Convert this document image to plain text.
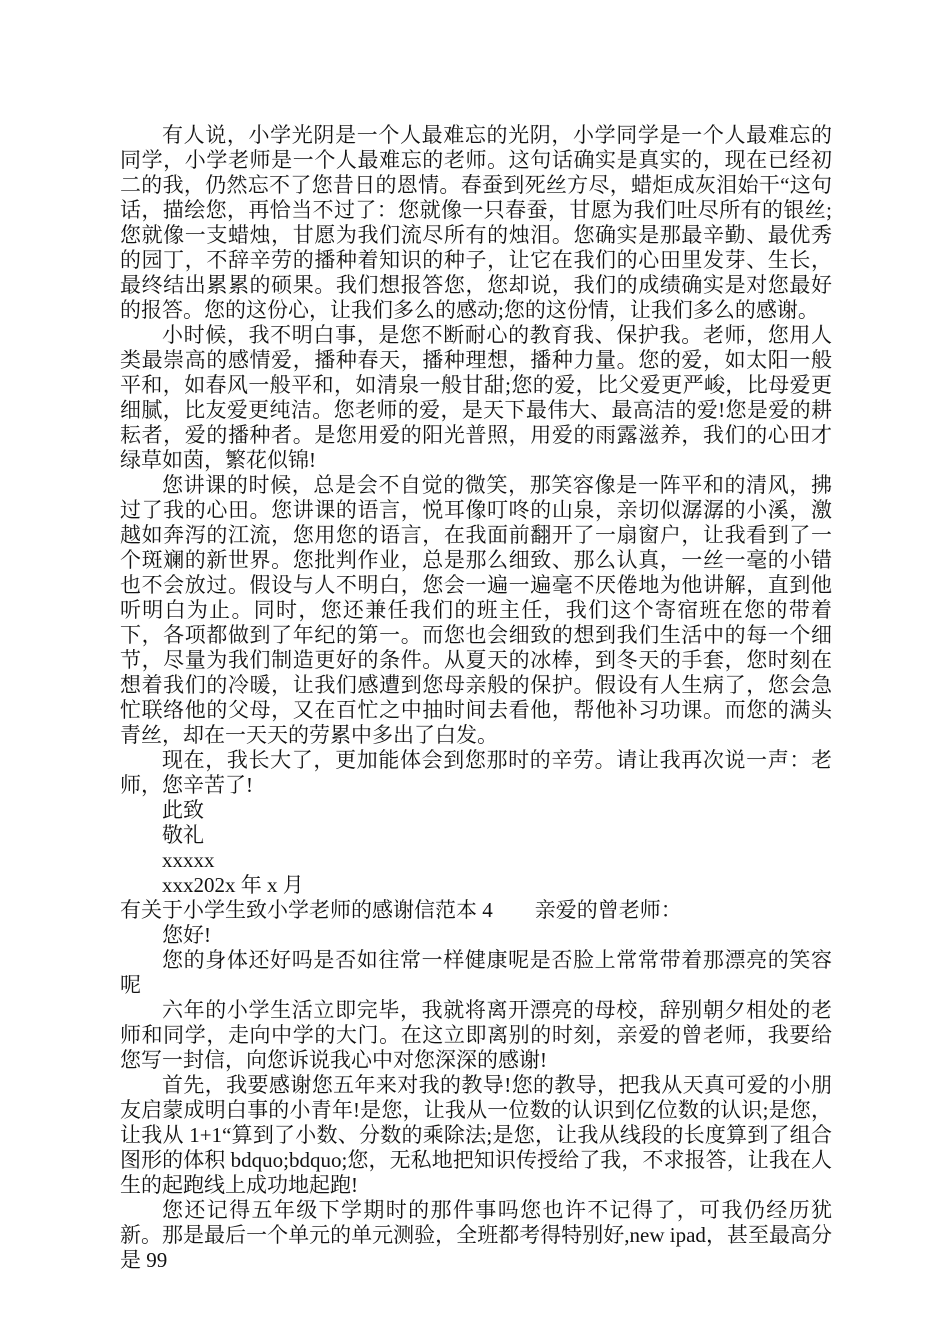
有人说，小学光阴是一个人最难忘的光阴，小学同学是一个人最难忘的同学，小学老师是一个人最难忘的老师。这句话确实是真实的，现在已经初二的我，仍然忘不了您昔日的恩情。春蚕到死丝方尽，蜡炬成灰泪始干“这句话，描绘您，再恰当不过了：您就像一只春蚕，甘愿为我们吐尽所有的银丝;您就像一支蜡烛，甘愿为我们流尽所有的烛泪。您确实是那最辛勤、最优秀的园丁，不辞辛劳的播种着知识的种子，让它在我们的心田里发芽、生长，最终结出累累的硕果。我们想报答您，您却说，我们的成绩确实是对您最好的报答。您的这份心，让我们多么的感动;您的这份情，让我们多么的感谢。

小时候，我不明白事，是您不断耐心的教育我、保护我。老师，您用人类最崇高的感情爱，播种春天，播种理想，播种力量。您的爱，如太阳一般平和，如春风一般平和，如清泉一般甘甜;您的爱，比父爱更严峻，比母爱更细腻，比友爱更纯洁。您老师的爱，是天下最伟大、最高洁的爱!您是爱的耕耘者，爱的播种者。是您用爱的阳光普照，用爱的雨露滋养，我们的心田才绿草如茵，繁花似锦!

您讲课的时候，总是会不自觉的微笑，那笑容像是一阵平和的清风，拂过了我的心田。您讲课的语言，悦耳像叮咚的山泉，亲切似潺潺的小溪，激越如奔泻的江流，您用您的语言，在我面前翻开了一扇窗户，让我看到了一个斑斓的新世界。您批判作业，总是那么细致、那么认真，一丝一毫的小错也不会放过。假设与人不明白，您会一遍一遍毫不厌倦地为他讲解，直到他听明白为止。同时，您还兼任我们的班主任，我们这个寄宿班在您的带着下，各项都做到了年纪的第一。而您也会细致的想到我们生活中的每一个细节，尽量为我们制造更好的条件。从夏天的冰棒，到冬天的手套，您时刻在想着我们的冷暖，让我们感遭到您母亲般的保护。假设有人生病了，您会急忙联络他的父母，又在百忙之中抽时间去看他，帮他补习功课。而您的满头青丝，却在一天天的劳累中多出了白发。

现在，我长大了，更加能体会到您那时的辛劳。请让我再次说一声：老师，您辛苦了!

此致

敬礼

xxxxx

xxx202x 年 x 月

有关于小学生致小学老师的感谢信范本 4　　亲爱的曾老师：

您好!

您的身体还好吗是否如往常一样健康呢是否脸上常常带着那漂亮的笑容呢

六年的小学生活立即完毕，我就将离开漂亮的母校，辞别朝夕相处的老师和同学，走向中学的大门。在这立即离别的时刻，亲爱的曾老师，我要给您写一封信，向您诉说我心中对您深深的感谢!

首先，我要感谢您五年来对我的教导!您的教导，把我从天真可爱的小朋友启蒙成明白事的小青年!是您，让我从一位数的认识到亿位数的认识;是您，让我从 1+1“算到了小数、分数的乘除法;是您，让我从线段的长度算到了组合图形的体积 bdquo;bdquo;您，无私地把知识传授给了我，不求报答，让我在人生的起跑线上成功地起跑!

您还记得五年级下学期时的那件事吗您也许不记得了，可我仍经历犹新。那是最后一个单元的单元测验，全班都考得特别好,new ipad，甚至最高分是 99
